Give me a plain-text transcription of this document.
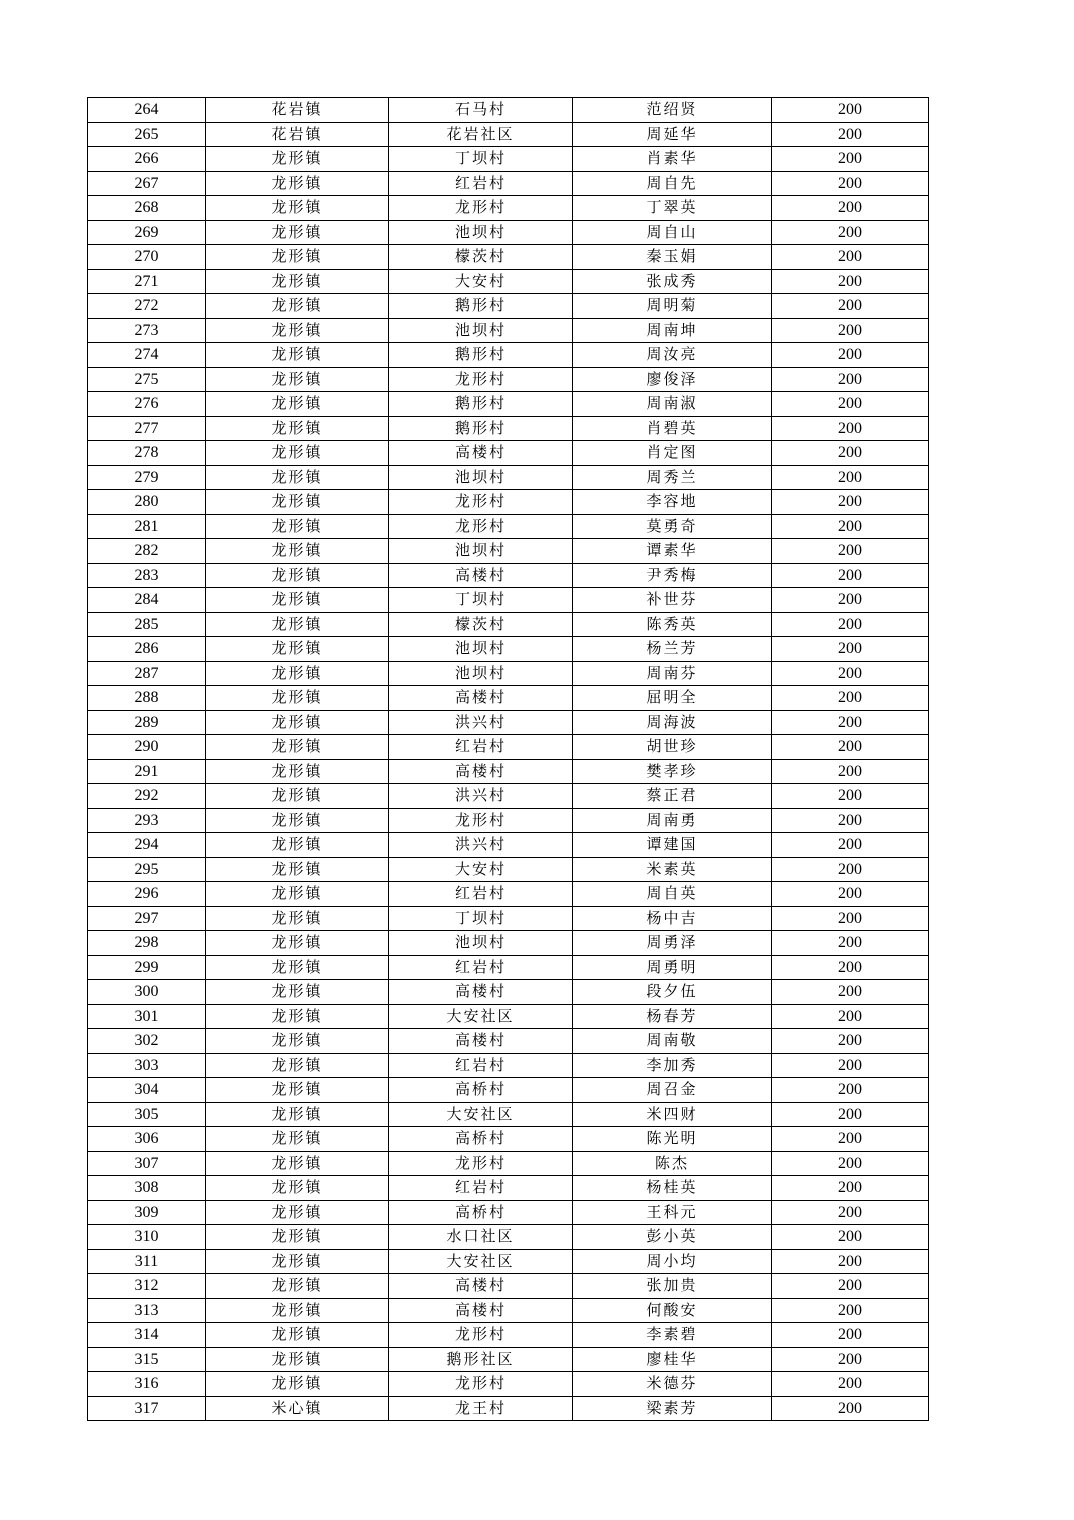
264	花岩镇	石马村	范绍贤	200
265	花岩镇	花岩社区	周延华	200
266	龙形镇	丁坝村	肖素华	200
267	龙形镇	红岩村	周自先	200
268	龙形镇	龙形村	丁翠英	200
269	龙形镇	池坝村	周自山	200
270	龙形镇	檬茨村	秦玉娟	200
271	龙形镇	大安村	张成秀	200
272	龙形镇	鹅形村	周明菊	200
273	龙形镇	池坝村	周南坤	200
274	龙形镇	鹅形村	周汝亮	200
275	龙形镇	龙形村	廖俊泽	200
276	龙形镇	鹅形村	周南淑	200
277	龙形镇	鹅形村	肖碧英	200
278	龙形镇	高楼村	肖定图	200
279	龙形镇	池坝村	周秀兰	200
280	龙形镇	龙形村	李容地	200
281	龙形镇	龙形村	莫勇奇	200
282	龙形镇	池坝村	谭素华	200
283	龙形镇	高楼村	尹秀梅	200
284	龙形镇	丁坝村	补世芬	200
285	龙形镇	檬茨村	陈秀英	200
286	龙形镇	池坝村	杨兰芳	200
287	龙形镇	池坝村	周南芬	200
288	龙形镇	高楼村	屈明全	200
289	龙形镇	洪兴村	周海波	200
290	龙形镇	红岩村	胡世珍	200
291	龙形镇	高楼村	樊孝珍	200
292	龙形镇	洪兴村	蔡正君	200
293	龙形镇	龙形村	周南勇	200
294	龙形镇	洪兴村	谭建国	200
295	龙形镇	大安村	米素英	200
296	龙形镇	红岩村	周自英	200
297	龙形镇	丁坝村	杨中吉	200
298	龙形镇	池坝村	周勇泽	200
299	龙形镇	红岩村	周勇明	200
300	龙形镇	高楼村	段夕伍	200
301	龙形镇	大安社区	杨春芳	200
302	龙形镇	高楼村	周南敬	200
303	龙形镇	红岩村	李加秀	200
304	龙形镇	高桥村	周召金	200
305	龙形镇	大安社区	米四财	200
306	龙形镇	高桥村	陈光明	200
307	龙形镇	龙形村	陈杰	200
308	龙形镇	红岩村	杨桂英	200
309	龙形镇	高桥村	王科元	200
310	龙形镇	水口社区	彭小英	200
311	龙形镇	大安社区	周小均	200
312	龙形镇	高楼村	张加贵	200
313	龙形镇	高楼村	何酸安	200
314	龙形镇	龙形村	李素碧	200
315	龙形镇	鹅形社区	廖桂华	200
316	龙形镇	龙形村	米德芬	200
317	米心镇	龙王村	梁素芳	200
